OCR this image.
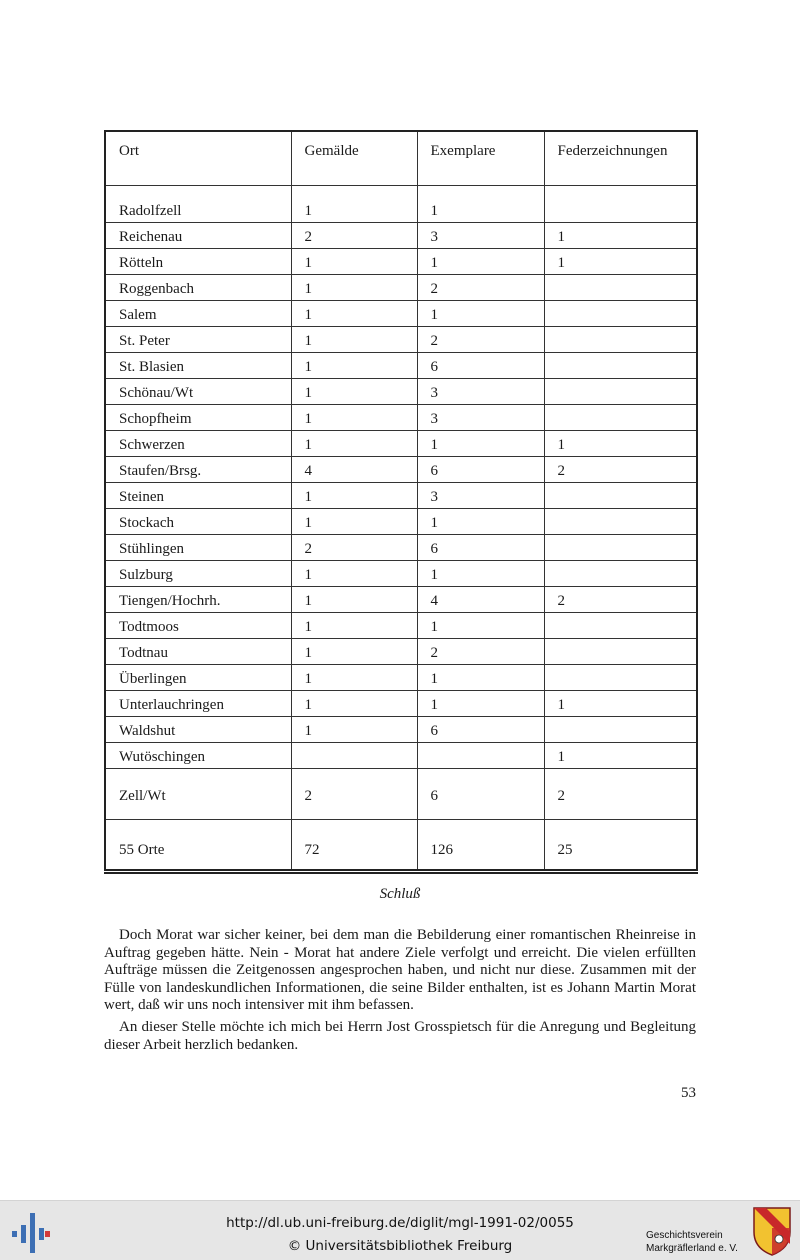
Ort	Gemälde	Exemplare	Federzeichnungen
Radolfzell	1	1	
Reichenau	2	3	1
Rötteln	1	1	1
Roggenbach	1	2	
Salem	1	1	
St. Peter	1	2	
St. Blasien	1	6	
Schönau/Wt	1	3	
Schopfheim	1	3	
Schwerzen	1	1	1
Staufen/Brsg.	4	6	2
Steinen	1	3	
Stockach	1	1	
Stühlingen	2	6	
Sulzburg	1	1	
Tiengen/Hochrh.	1	4	2
Todtmoos	1	1	
Todtnau	1	2	
Überlingen	1	1	
Unterlauchringen	1	1	1
Waldshut	1	6	
Wutöschingen			1
Zell/Wt	2	6	2
55 Orte	72	126	25
Schluß

Doch Morat war sicher keiner, bei dem man die Bebilderung einer romantischen Rheinreise in Auftrag gegeben hätte. Nein - Morat hat andere Ziele verfolgt und erreicht. Die vielen erfüllten Aufträge müssen die Zeitgenossen angesprochen haben, und nicht nur diese. Zusammen mit der Fülle von landeskundlichen Informationen, die seine Bilder enthalten, ist es Johann Martin Morat wert, daß wir uns noch intensiver mit ihm befassen.

An dieser Stelle möchte ich mich bei Herrn Jost Grosspietsch für die Anregung und Begleitung dieser Arbeit herzlich bedanken.

53
http://dl.ub.uni-freiburg.de/diglit/mgl-1991-02/0055
© Universitätsbibliothek Freiburg
Geschichtsverein
Markgräflerland e. V.
